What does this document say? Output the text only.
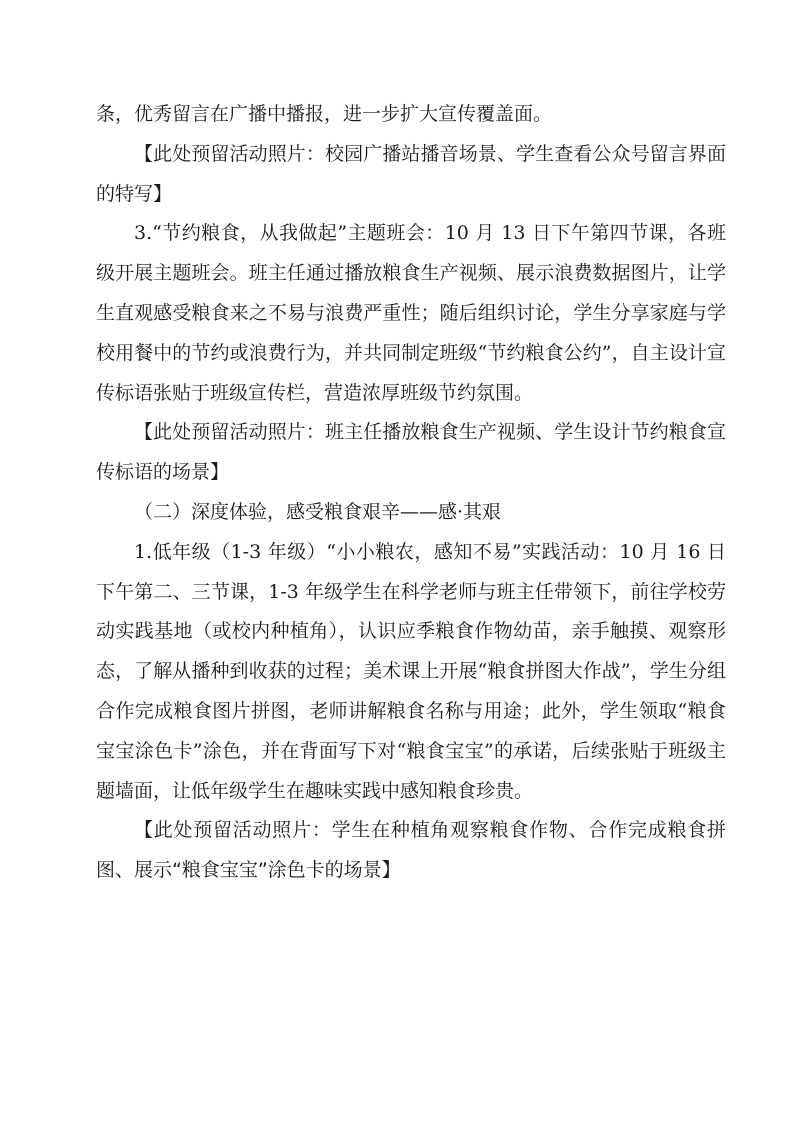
条，优秀留言在广播中播报，进一步扩大宣传覆盖面。

【此处预留活动照片：校园广播站播音场景、学生查看公众号留言界面的特写】

3.“节约粮食，从我做起”主题班会：10 月 13 日下午第四节课，各班级开展主题班会。班主任通过播放粮食生产视频、展示浪费数据图片，让学生直观感受粮食来之不易与浪费严重性；随后组织讨论，学生分享家庭与学校用餐中的节约或浪费行为，并共同制定班级“节约粮食公约”，自主设计宣传标语张贴于班级宣传栏，营造浓厚班级节约氛围。

【此处预留活动照片：班主任播放粮食生产视频、学生设计节约粮食宣传标语的场景】

（二）深度体验，感受粮食艰辛——感·其艰

1.低年级（1-3 年级）“小小粮农，感知不易”实践活动：10 月 16 日下午第二、三节课，1-3 年级学生在科学老师与班主任带领下，前往学校劳动实践基地（或校内种植角），认识应季粮食作物幼苗，亲手触摸、观察形态，了解从播种到收获的过程；美术课上开展“粮食拼图大作战”，学生分组合作完成粮食图片拼图，老师讲解粮食名称与用途；此外，学生领取“粮食宝宝涂色卡”涂色，并在背面写下对“粮食宝宝”的承诺，后续张贴于班级主题墙面，让低年级学生在趣味实践中感知粮食珍贵。

【此处预留活动照片：学生在种植角观察粮食作物、合作完成粮食拼图、展示“粮食宝宝”涂色卡的场景】
